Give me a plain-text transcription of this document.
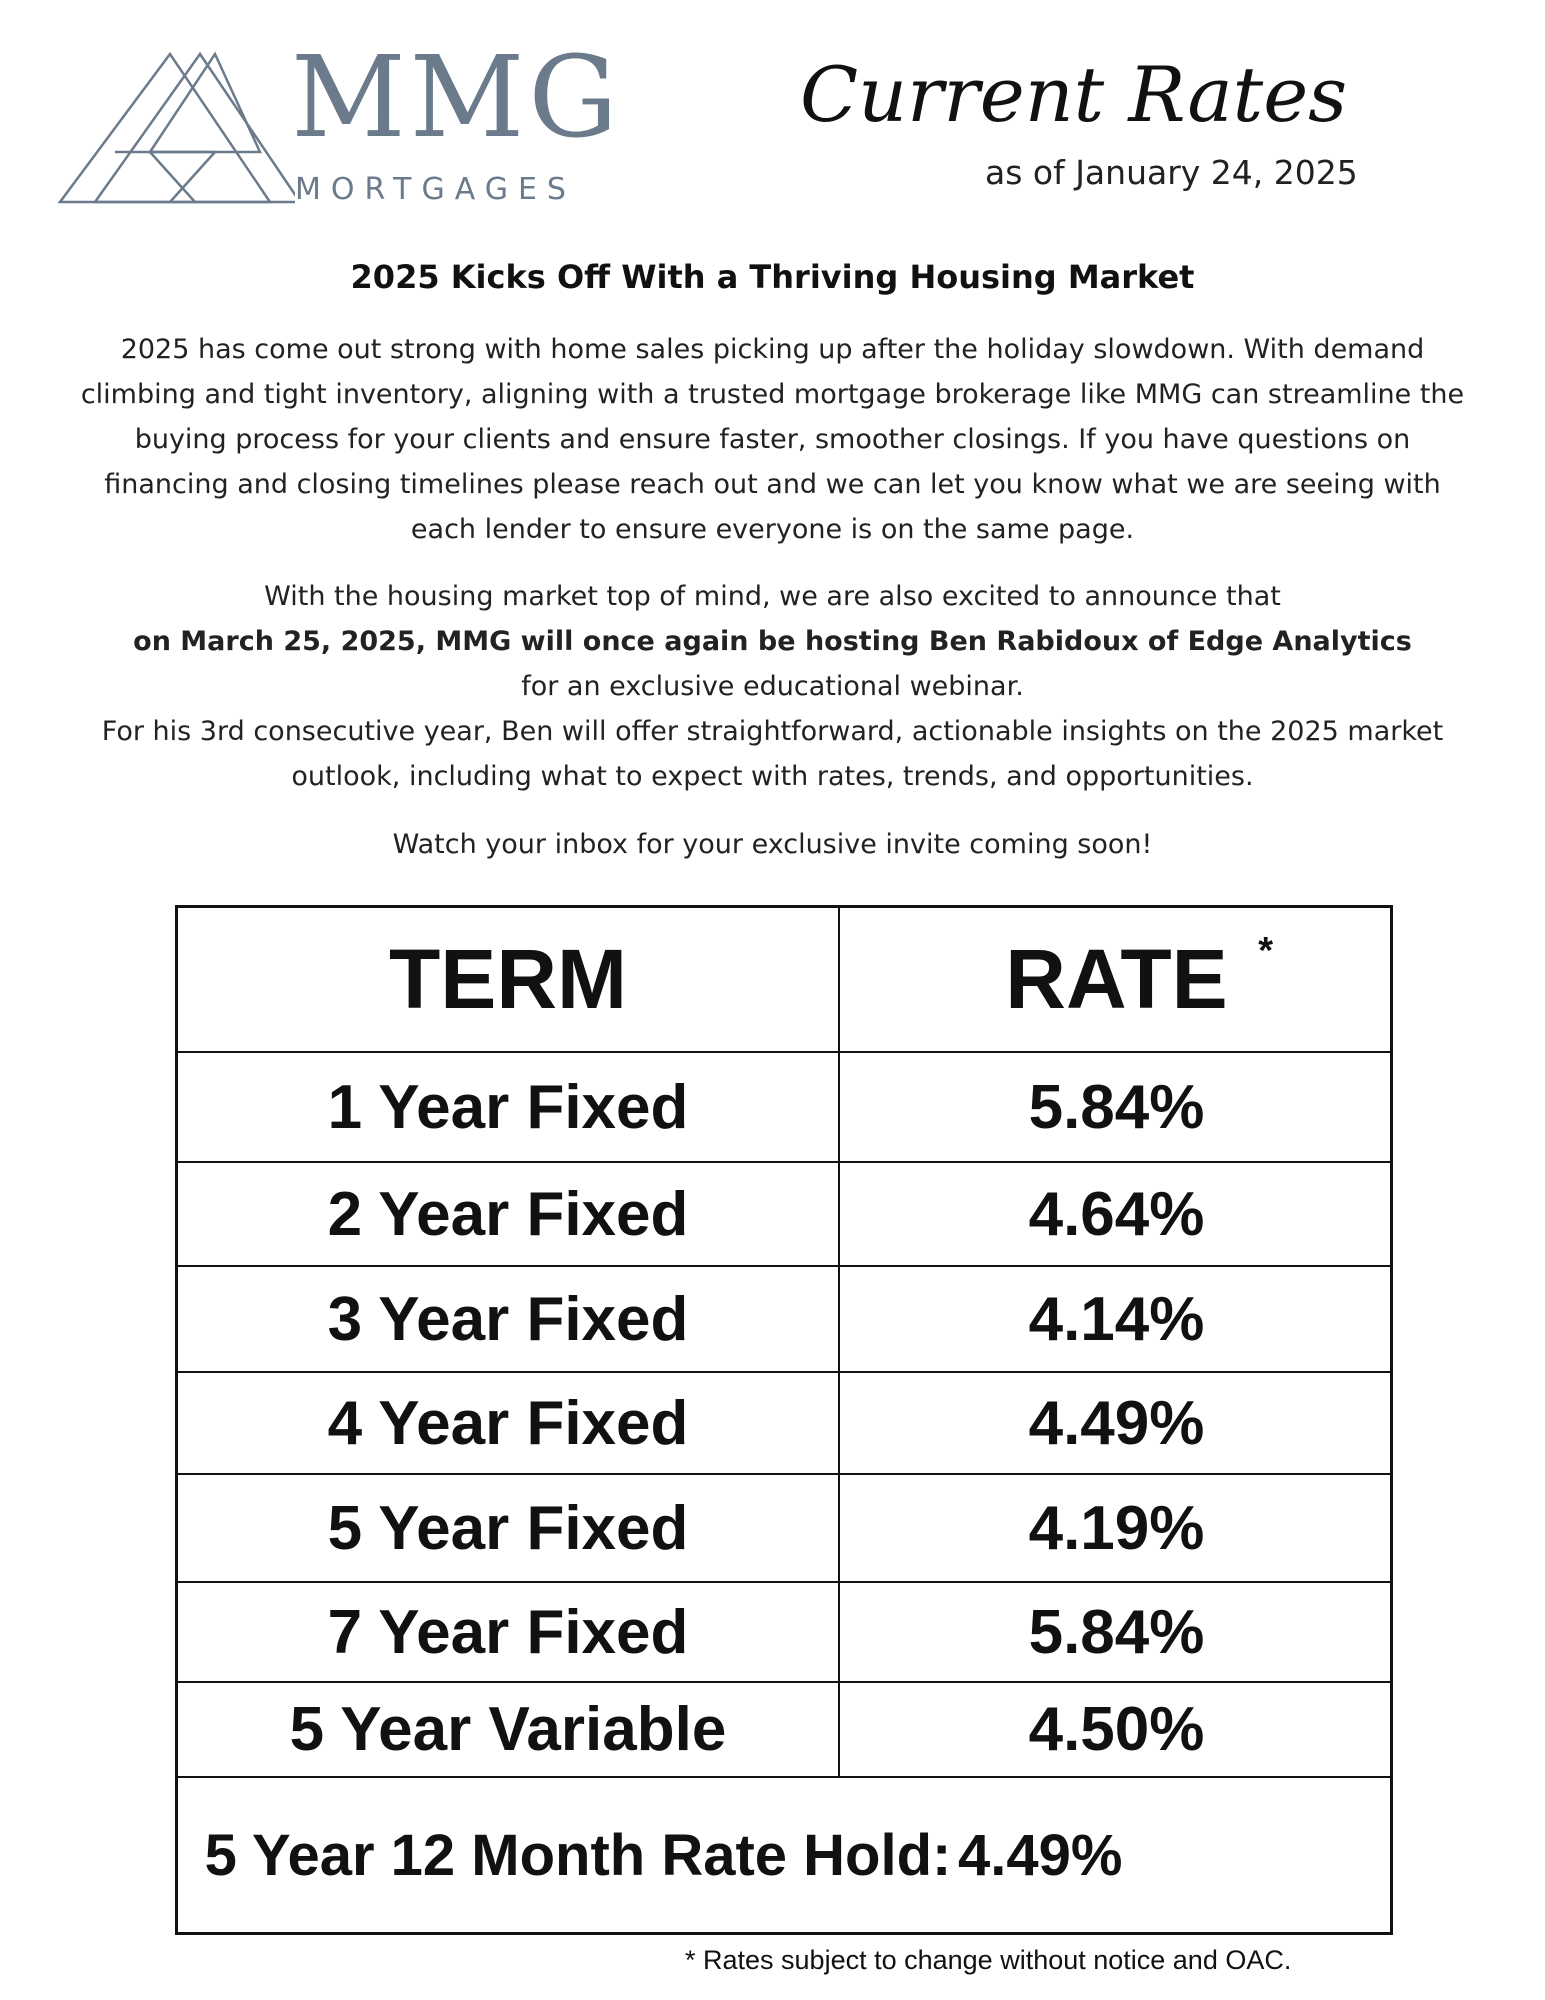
MMG
MORTGAGES
Current Rates
as of January 24, 2025
2025 Kicks Off With a Thriving Housing Market
2025 has come out strong with home sales picking up after the holiday slowdown. With demand climbing and tight inventory, aligning with a trusted mortgage brokerage like MMG can streamline the buying process for your clients and ensure faster, smoother closings. If you have questions on financing and closing timelines please reach out and we can let you know what we are seeing with each lender to ensure everyone is on the same page.
With the housing market top of mind, we are also excited to announce that
on March 25, 2025, MMG will once again be hosting Ben Rabidoux of Edge Analytics
for an exclusive educational webinar.
For his 3rd consecutive year, Ben will offer straightforward, actionable insights on the 2025 market outlook, including what to expect with rates, trends, and opportunities.
Watch your inbox for your exclusive invite coming soon!
TERM	RATE *
1 Year Fixed	5.84%
2 Year Fixed	4.64%
3 Year Fixed	4.14%
4 Year Fixed	4.49%
5 Year Fixed	4.19%
7 Year Fixed	5.84%
5 Year Variable	4.50%
5 Year 12 Month Rate Hold: 4.49%
* Rates subject to change without notice and OAC.
